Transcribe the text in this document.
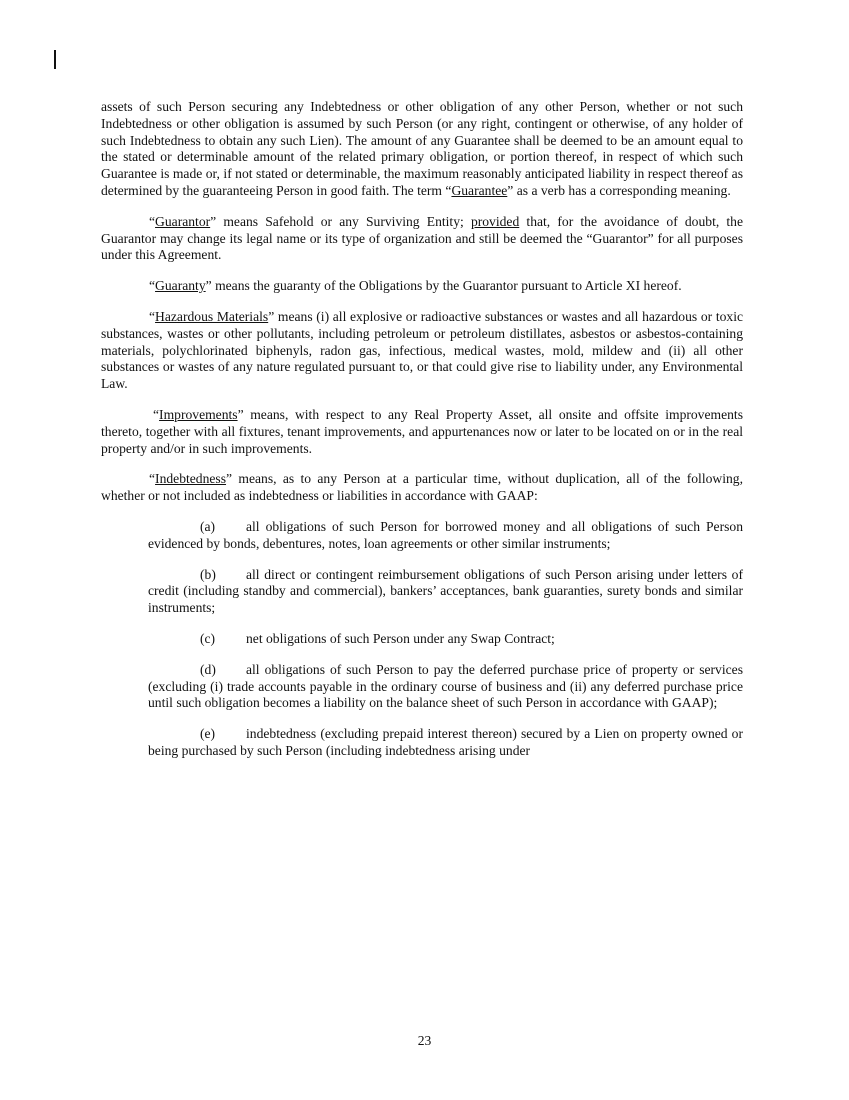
assets of such Person securing any Indebtedness or other obligation of any other Person, whether or not such Indebtedness or other obligation is assumed by such Person (or any right, contingent or otherwise, of any holder of such Indebtedness to obtain any such Lien). The amount of any Guarantee shall be deemed to be an amount equal to the stated or determinable amount of the related primary obligation, or portion thereof, in respect of which such Guarantee is made or, if not stated or determinable, the maximum reasonably anticipated liability in respect thereof as determined by the guaranteeing Person in good faith. The term “Guarantee” as a verb has a corresponding meaning.

“Guarantor” means Safehold or any Surviving Entity; provided that, for the avoidance of doubt, the Guarantor may change its legal name or its type of organization and still be deemed the “Guarantor” for all purposes under this Agreement.

“Guaranty” means the guaranty of the Obligations by the Guarantor pursuant to Article XI hereof.

“Hazardous Materials” means (i) all explosive or radioactive substances or wastes and all hazardous or toxic substances, wastes or other pollutants, including petroleum or petroleum distillates, asbestos or asbestos-containing materials, polychlorinated biphenyls, radon gas, infectious, medical wastes, mold, mildew and (ii) all other substances or wastes of any nature regulated pursuant to, or that could give rise to liability under, any Environmental Law.

“Improvements” means, with respect to any Real Property Asset, all onsite and offsite improvements thereto, together with all fixtures, tenant improvements, and appurtenances now or later to be located on or in the real property and/or in such improvements.

“Indebtedness” means, as to any Person at a particular time, without duplication, all of the following, whether or not included as indebtedness or liabilities in accordance with GAAP:

(a) all obligations of such Person for borrowed money and all obligations of such Person evidenced by bonds, debentures, notes, loan agreements or other similar instruments;

(b) all direct or contingent reimbursement obligations of such Person arising under letters of credit (including standby and commercial), bankers’ acceptances, bank guaranties, surety bonds and similar instruments;

(c) net obligations of such Person under any Swap Contract;

(d) all obligations of such Person to pay the deferred purchase price of property or services (excluding (i) trade accounts payable in the ordinary course of business and (ii) any deferred purchase price until such obligation becomes a liability on the balance sheet of such Person in accordance with GAAP);

(e) indebtedness (excluding prepaid interest thereon) secured by a Lien on property owned or being purchased by such Person (including indebtedness arising under

23
